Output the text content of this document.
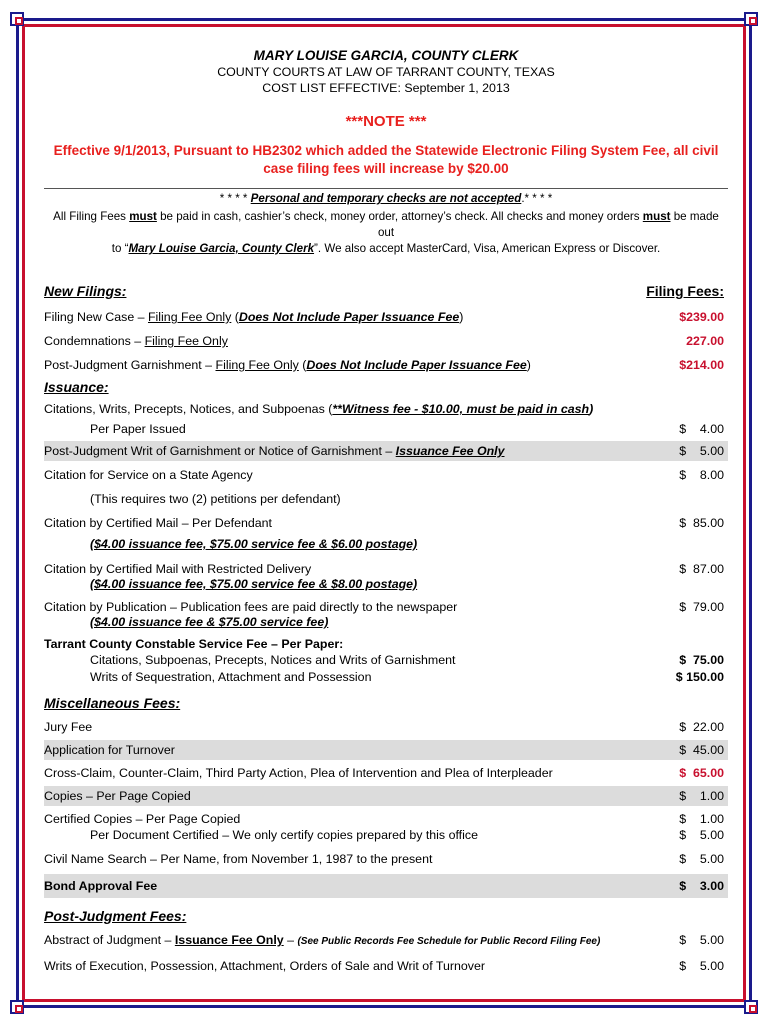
MARY LOUISE GARCIA, COUNTY CLERK
COUNTY COURTS AT LAW OF TARRANT COUNTY, TEXAS
COST LIST EFFECTIVE: September 1, 2013
***NOTE ***
Effective 9/1/2013, Pursuant to HB2302 which added the Statewide Electronic Filing System Fee, all civil case filing fees will increase by $20.00
* * * * Personal and temporary checks are not accepted.* * * *
All Filing Fees must be paid in cash, cashier’s check, money order, attorney’s check. All checks and money orders must be made out
to “Mary Louise Garcia, County Clerk”. We also accept MasterCard, Visa, American Express or Discover.
New Filings:	Filing Fees:
Filing New Case – Filing Fee Only (Does Not Include Paper Issuance Fee)	$239.00
Condemnations – Filing Fee Only	227.00
Post-Judgment Garnishment – Filing Fee Only (Does Not Include Paper Issuance Fee)	$214.00
Issuance:
Citations, Writs, Precepts, Notices, and Subpoenas (**Witness fee - $10.00, must be paid in cash)
Per Paper Issued	$    4.00
Post-Judgment Writ of Garnishment or Notice of Garnishment – Issuance Fee Only	$    5.00
Citation for Service on a State Agency	$    8.00
(This requires two (2) petitions per defendant)
Citation by Certified Mail – Per Defendant	$  85.00
($4.00 issuance fee, $75.00 service fee & $6.00 postage)
Citation by Certified Mail with Restricted Delivery	$  87.00
($4.00 issuance fee, $75.00 service fee & $8.00 postage)
Citation by Publication – Publication fees are paid directly to the newspaper	$  79.00
($4.00 issuance fee & $75.00 service fee)
Tarrant County Constable Service Fee – Per Paper:
Citations, Subpoenas, Precepts, Notices and Writs of Garnishment	$  75.00
Writs of Sequestration, Attachment and Possession	$ 150.00
Miscellaneous Fees:
Jury Fee	$  22.00
Application for Turnover	$  45.00
Cross-Claim, Counter-Claim, Third Party Action, Plea of Intervention and Plea of Interpleader	$  65.00
Copies – Per Page Copied	$    1.00
Certified Copies – Per Page Copied	$    1.00
Per Document Certified – We only certify copies prepared by this office	$    5.00
Civil Name Search – Per Name, from November 1, 1987 to the present	$    5.00
Bond Approval Fee	$    3.00
Post-Judgment Fees:
Abstract of Judgment – Issuance Fee Only – (See Public Records Fee Schedule for Public Record Filing Fee)	$    5.00
Writs of Execution, Possession, Attachment, Orders of Sale and Writ of Turnover	$    5.00
